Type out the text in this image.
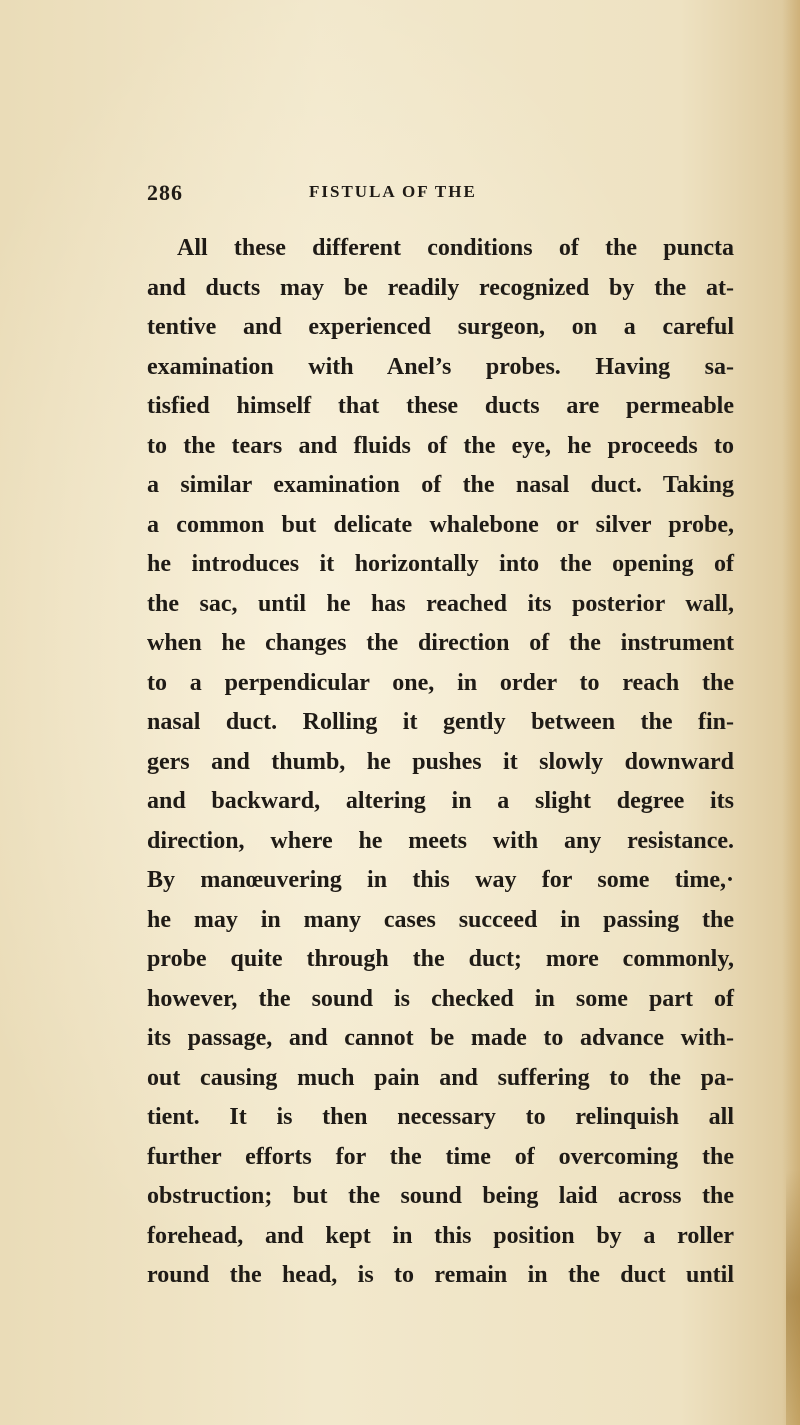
286	FISTULA OF THE
All these different conditions of the puncta
and ducts may be readily recognized by the at-
tentive and experienced surgeon, on a careful
examination with Anel’s probes. Having sa-
tisfied himself that these ducts are permeable
to the tears and fluids of the eye, he proceeds to
a similar examination of the nasal duct. Taking
a common but delicate whalebone or silver probe,
he introduces it horizontally into the opening of
the sac, until he has reached its posterior wall,
when he changes the direction of the instrument
to a perpendicular one, in order to reach the
nasal duct. Rolling it gently between the fin-
gers and thumb, he pushes it slowly downward
and backward, altering in a slight degree its
direction, where he meets with any resistance.
By manœuvering in this way for some time,·
he may in many cases succeed in passing the
probe quite through the duct; more commonly,
however, the sound is checked in some part of
its passage, and cannot be made to advance with-
out causing much pain and suffering to the pa-
tient. It is then necessary to relinquish all
further efforts for the time of overcoming the
obstruction; but the sound being laid across the
forehead, and kept in this position by a roller
round the head, is to remain in the duct until
